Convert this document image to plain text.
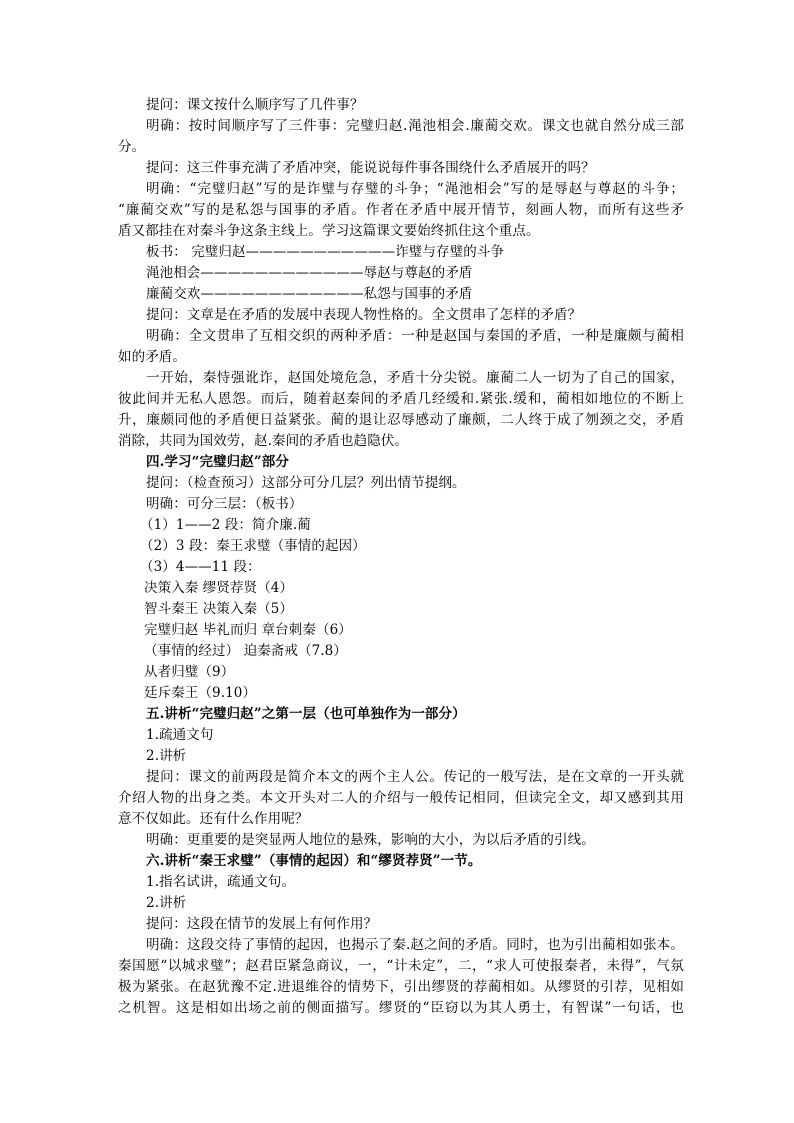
提问：课文按什么顺序写了几件事？
明确：按时间顺序写了三件事：完璧归赵.渑池相会.廉蔺交欢。课文也就自然分成三部
分。
提问：这三件事充满了矛盾冲突，能说说每件事各围绕什么矛盾展开的吗？
明确：“完璧归赵”写的是诈璧与存璧的斗争；“渑池相会”写的是辱赵与尊赵的斗争；
“廉蔺交欢”写的是私怨与国事的矛盾。作者在矛盾中展开情节，刻画人物，而所有这些矛
盾又都挂在对秦斗争这条主线上。学习这篇课文要始终抓住这个重点。
板书： 完璧归赵———————————诈璧与存璧的斗争
渑池相会————————————辱赵与尊赵的矛盾
廉蔺交欢————————————私怨与国事的矛盾
提问：文章是在矛盾的发展中表现人物性格的。全文贯串了怎样的矛盾？
明确：全文贯串了互相交织的两种矛盾：一种是赵国与秦国的矛盾，一种是廉颇与蔺相
如的矛盾。
一开始，秦恃强讹诈，赵国处境危急，矛盾十分尖锐。廉蔺二人一切为了自己的国家，
彼此间并无私人恩怨。而后，随着赵秦间的矛盾几经缓和.紧张.缓和，蔺相如地位的不断上
升，廉颇同他的矛盾便日益紧张。蔺的退让忍辱感动了廉颇，二人终于成了刎颈之交，矛盾
消除，共同为国效劳，赵.秦间的矛盾也趋隐伏。
四.学习“完璧归赵”部分
提问：（检查预习）这部分可分几层？列出情节提纲。
明确：可分三层：（板书）
（1）1——2 段：简介廉.蔺
（2）3 段：秦王求璧（事情的起因）
（3）4——11 段：
决策入秦 缪贤荐贤（4）
智斗秦王 决策入秦（5）
完璧归赵 毕礼而归 章台刺秦（6）
（事情的经过） 迫秦斋戒（7.8）
从者归璧（9）
廷斥秦王（9.10）
五.讲析“完璧归赵”之第一层（也可单独作为一部分）
1.疏通文句
2.讲析
提问：课文的前两段是简介本文的两个主人公。传记的一般写法，是在文章的一开头就
介绍人物的出身之类。本文开头对二人的介绍与一般传记相同，但读完全文，却又感到其用
意不仅如此。还有什么作用呢？
明确：更重要的是突显两人地位的悬殊，影响的大小，为以后矛盾的引线。
六.讲析“秦王求璧”（事情的起因）和“缪贤荐贤”一节。
1.指名试讲，疏通文句。
2.讲析
提问：这段在情节的发展上有何作用？
明确：这段交待了事情的起因，也揭示了秦.赵之间的矛盾。同时，也为引出蔺相如张本。
秦国愿“以城求璧”；赵君臣紧急商议，一，“计未定”，二，“求人可使报秦者，未得”，气氛
极为紧张。在赵犹豫不定.进退维谷的情势下，引出缪贤的荐蔺相如。从缪贤的引荐，见相如
之机智。这是相如出场之前的侧面描写。缪贤的“臣窃以为其人勇士，有智谋”一句话，也
